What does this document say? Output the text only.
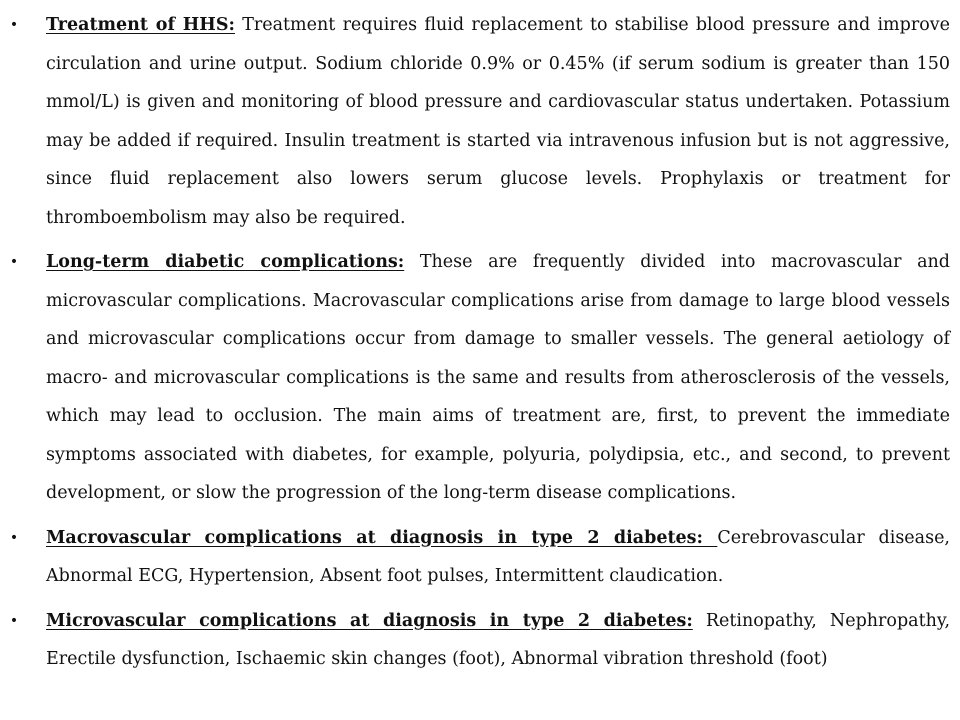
• Treatment of HHS: Treatment requires fluid replacement to stabilise blood pressure and improve circulation and urine output. Sodium chloride 0.9% or 0.45% (if serum sodium is greater than 150 mmol/L) is given and monitoring of blood pressure and cardiovascular status undertaken. Potassium may be added if required. Insulin treatment is started via intravenous infusion but is not aggressive, since fluid replacement also lowers serum glucose levels. Prophylaxis or treatment for thromboembolism may also be required.
• Long-term diabetic complications: These are frequently divided into macrovascular and microvascular complications. Macrovascular complications arise from damage to large blood vessels and microvascular complications occur from damage to smaller vessels. The general aetiology of macro- and microvascular complications is the same and results from atherosclerosis of the vessels, which may lead to occlusion. The main aims of treatment are, first, to prevent the immediate symptoms associated with diabetes, for example, polyuria, polydipsia, etc., and second, to prevent development, or slow the progression of the long-term disease complications.
• Macrovascular complications at diagnosis in type 2 diabetes: Cerebrovascular disease, Abnormal ECG, Hypertension, Absent foot pulses, Intermittent claudication.
• Microvascular complications at diagnosis in type 2 diabetes: Retinopathy, Nephropathy, Erectile dysfunction, Ischaemic skin changes (foot), Abnormal vibration threshold (foot)
